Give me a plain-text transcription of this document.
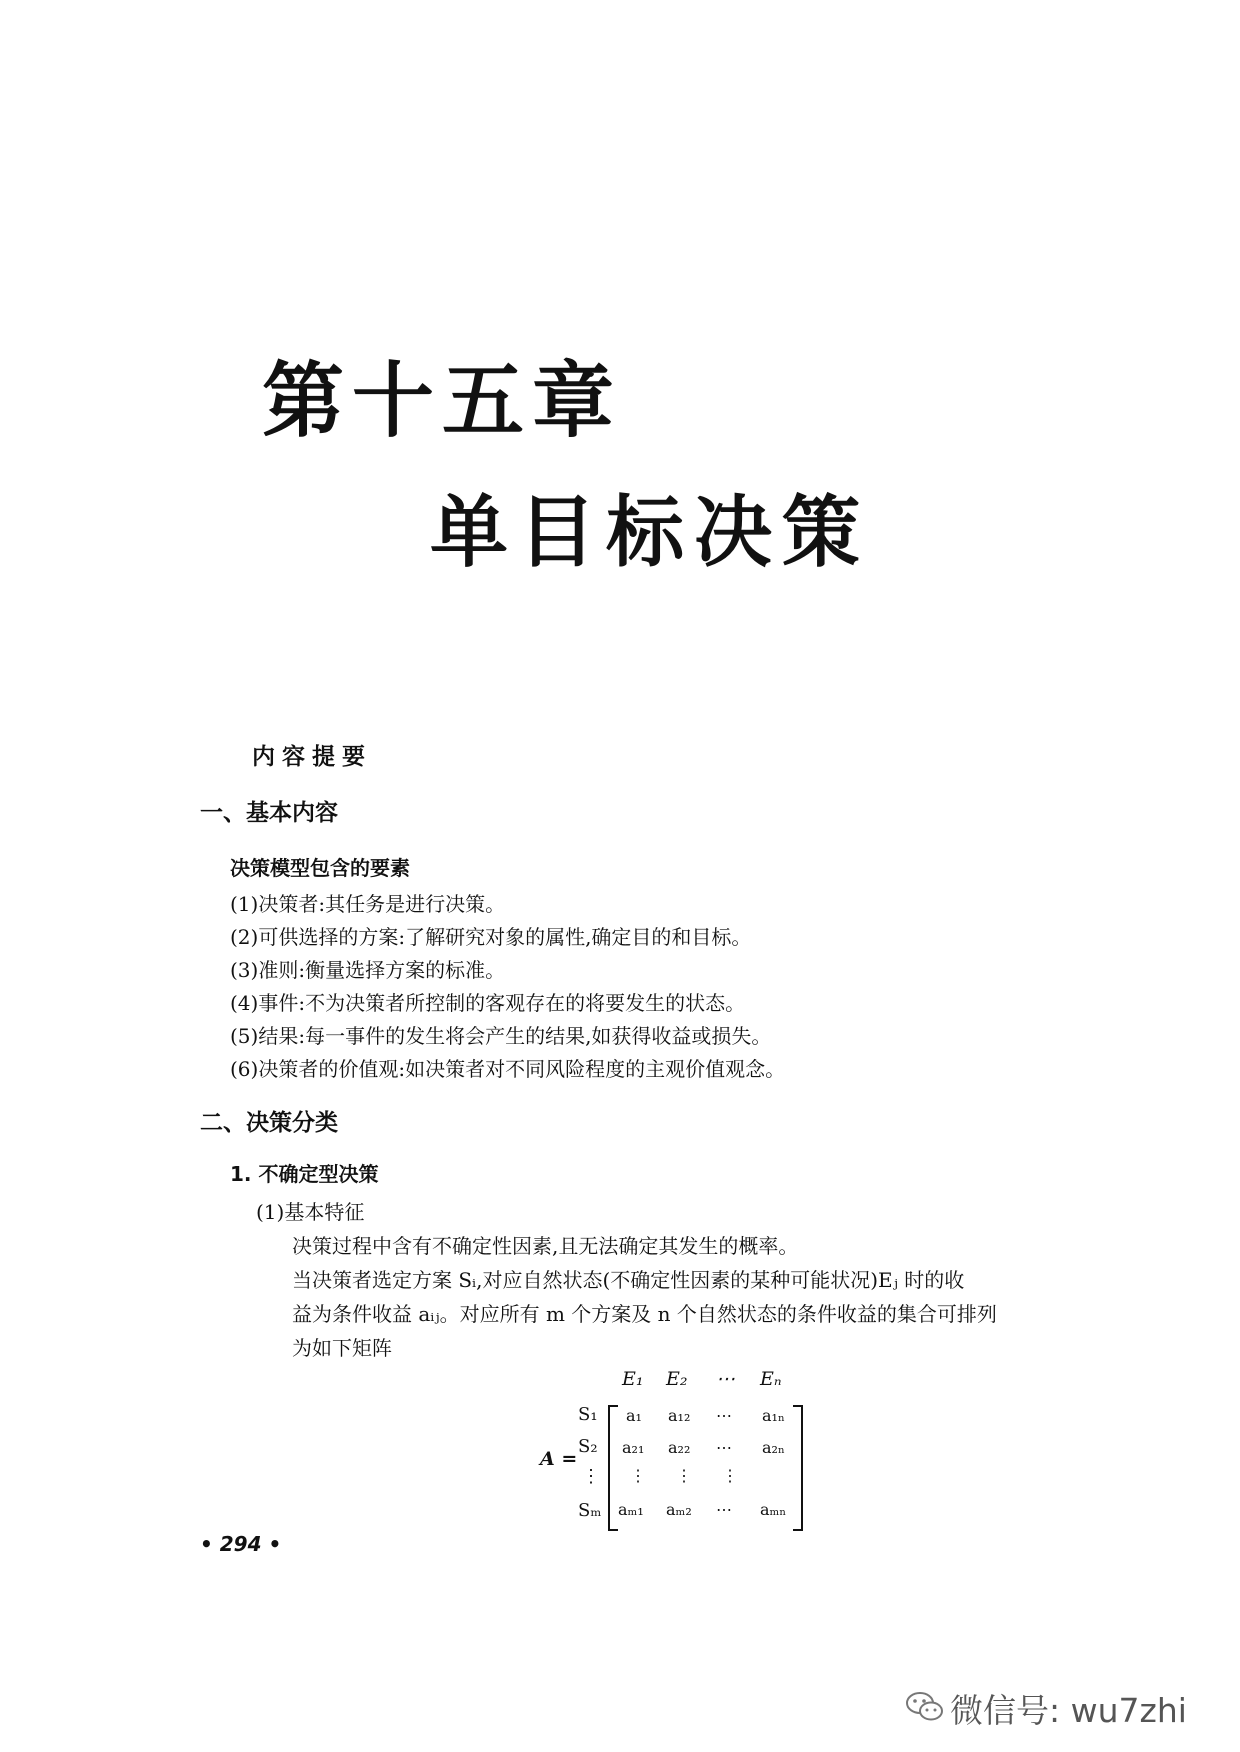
第十五章
单目标决策
内容提要
一、基本内容
决策模型包含的要素
(1)决策者:其任务是进行决策。
(2)可供选择的方案:了解研究对象的属性,确定目的和目标。
(3)准则:衡量选择方案的标准。
(4)事件:不为决策者所控制的客观存在的将要发生的状态。
(5)结果:每一事件的发生将会产生的结果,如获得收益或损失。
(6)决策者的价值观:如决策者对不同风险程度的主观价值观念。
二、决策分类
1. 不确定型决策
(1)基本特征
决策过程中含有不确定性因素,且无法确定其发生的概率。
当决策者选定方案 Sᵢ,对应自然状态(不确定性因素的某种可能状况)Eⱼ 时的收
益为条件收益 aᵢⱼ。对应所有 m 个方案及 n 个自然状态的条件收益的集合可排列
为如下矩阵
A =
E₁ E₂ ⋯ Eₙ
S₁
S₂
⋮
Sₘ
a₁ a₁₂ ⋯ a₁ₙ
a₂₁ a₂₂ ⋯ a₂ₙ
⋮ ⋮ ⋮
aₘ₁ aₘ₂ ⋯ aₘₙ
• 294 •
微信号: wu7zhi
